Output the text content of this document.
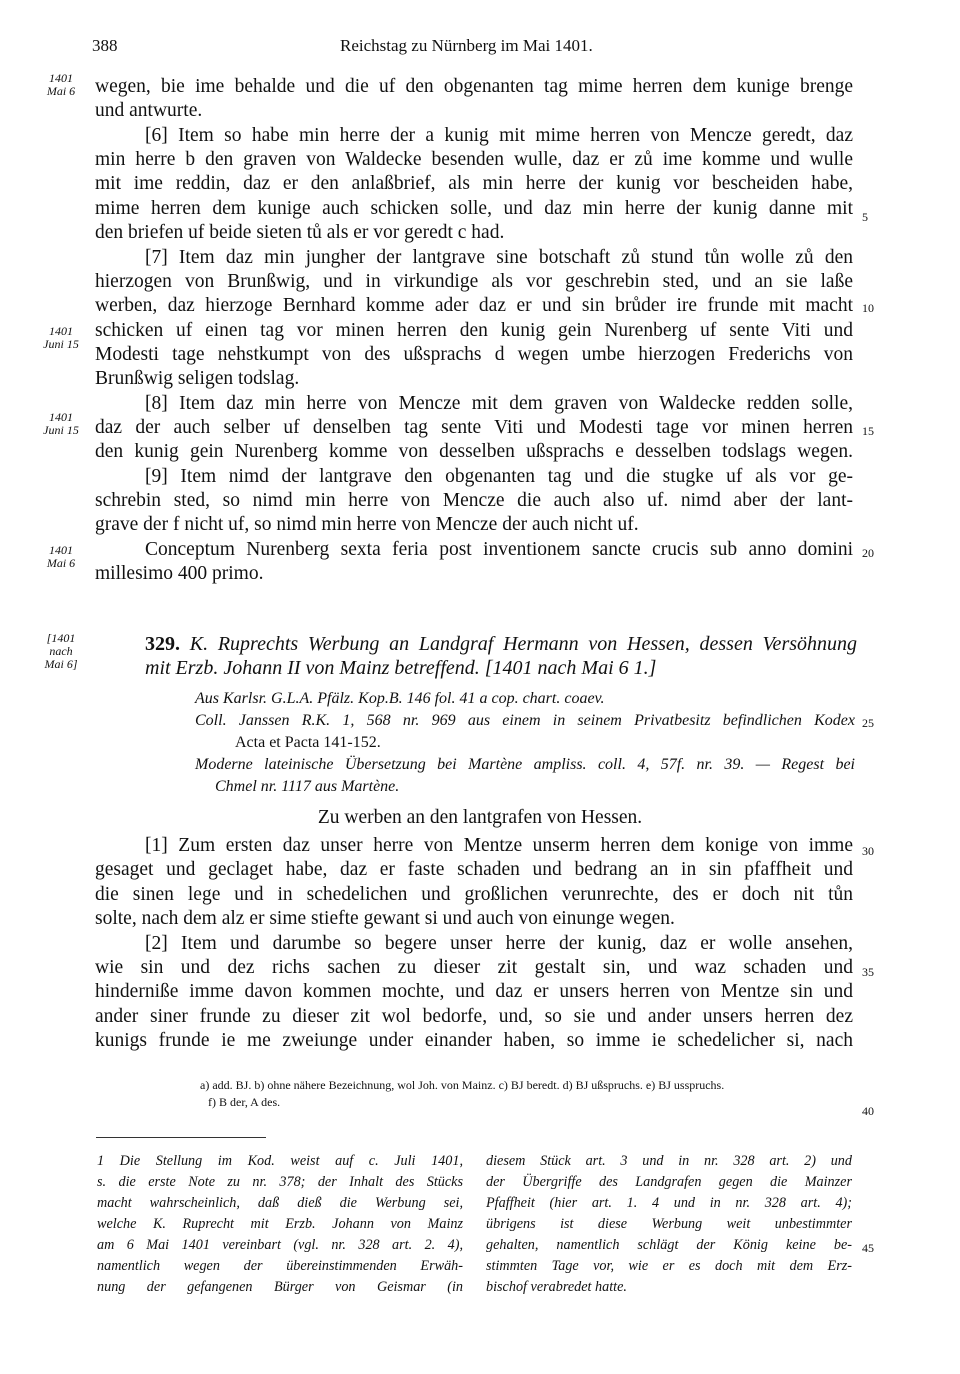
388	Reichstag zu Nürnberg im Mai 1401.
1401
Mai 6
1401
Juni 15
1401
Juni 15
1401
Mai 6
[1401
nach
Mai 6]
5
10
15
20
25
30
35
40
45
wegen, bie ime behalde und die uf den obgenanten tag mime herren dem kunige brenge
und antwurte.
[6] Item so habe min herre der a kunig mit mime herren von Mencze geredt, daz
min herre b den graven von Waldecke besenden wulle, daz er zů ime komme und wulle
mit ime reddin, daz er den anlaßbrief, als min herre der kunig vor bescheiden habe,
mime herren dem kunige auch schicken solle, und daz min herre der kunig danne mit
den briefen uf beide sieten tů als er vor geredt c had.
[7] Item daz min jungher der lantgrave sine botschaft zů stund tůn wolle zů den
hierzogen von Brunßwig, und in virkundige als vor geschrebin sted, und an sie laße
werben, daz hierzoge Bernhard komme ader daz er und sin brůder ire frunde mit macht
schicken uf einen tag vor minen herren den kunig gein Nurenberg uf sente Viti und
Modesti tage nehstkumpt von des ußsprachs d wegen umbe hierzogen Frederichs von
Brunßwig seligen todslag.
[8] Item daz min herre von Mencze mit dem graven von Waldecke redden solle,
daz der auch selber uf denselben tag sente Viti und Modesti tage vor minen herren
den kunig gein Nurenberg komme von desselben ußsprachs e desselben todslags wegen.
[9] Item nimd der lantgrave den obgenanten tag und die stugke uf als vor ge-
schrebin sted, so nimd min herre von Mencze die auch also uf. nimd aber der lant-
grave der f nicht uf, so nimd min herre von Mencze der auch nicht uf.
Conceptum Nurenberg sexta feria post inventionem sancte crucis sub anno domini
millesimo 400 primo.
329. K. Ruprechts Werbung an Landgraf Hermann von Hessen, dessen Versöhnung
mit Erzb. Johann II von Mainz betreffend. [1401 nach Mai 6 1.]
Aus Karlsr. G.L.A. Pfälz. Kop.B. 146 fol. 41 a cop. chart. coaev.
Coll. Janssen R.K. 1, 568 nr. 969 aus einem in seinem Privatbesitz befindlichen Kodex
Acta et Pacta 141-152.
Moderne lateinische Übersetzung bei Martène ampliss. coll. 4, 57f. nr. 39. — Regest bei
Chmel nr. 1117 aus Martène.
Zu werben an den lantgrafen von Hessen.
[1] Zum ersten daz unser herre von Mentze unserm herren dem konige von imme
gesaget und geclaget habe, daz er faste schaden und bedrang an in sin pfaffheit und
die sinen lege und in schedelichen und großlichen verunrechte, des er doch nit tůn
solte, nach dem alz er sime stiefte gewant si und auch von einunge wegen.
[2] Item und darumbe so begere unser herre der kunig, daz er wolle ansehen,
wie sin und dez richs sachen zu dieser zit gestalt sin, und waz schaden und
hinderniße imme davon kommen mochte, und daz er unsers herren von Mentze sin und
ander siner frunde zu dieser zit wol bedorfe, und, so sie und ander unsers herren dez
kunigs frunde ie me zweiunge under einander haben, so imme ie schedelicher si, nach
a) add. BJ. b) ohne nähere Bezeichnung, wol Joh. von Mainz. c) BJ beredt. d) BJ ußspruchs. e) BJ usspruchs.
f) B der, A des.
1 Die Stellung im Kod. weist auf c. Juli 1401,
s. die erste Note zu nr. 378; der Inhalt des Stücks
macht wahrscheinlich, daß dieß die Werbung sei,
welche K. Ruprecht mit Erzb. Johann von Mainz
am 6 Mai 1401 vereinbart (vgl. nr. 328 art. 2. 4),
namentlich wegen der übereinstimmenden Erwäh-
nung der gefangenen Bürger von Geismar (in
diesem Stück art. 3 und in nr. 328 art. 2) und
der Übergriffe des Landgrafen gegen die Mainzer
Pfaffheit (hier art. 1. 4 und in nr. 328 art. 4);
übrigens ist diese Werbung weit unbestimmter
gehalten, namentlich schlägt der König keine be-
stimmten Tage vor, wie er es doch mit dem Erz-
bischof verabredet hatte.
